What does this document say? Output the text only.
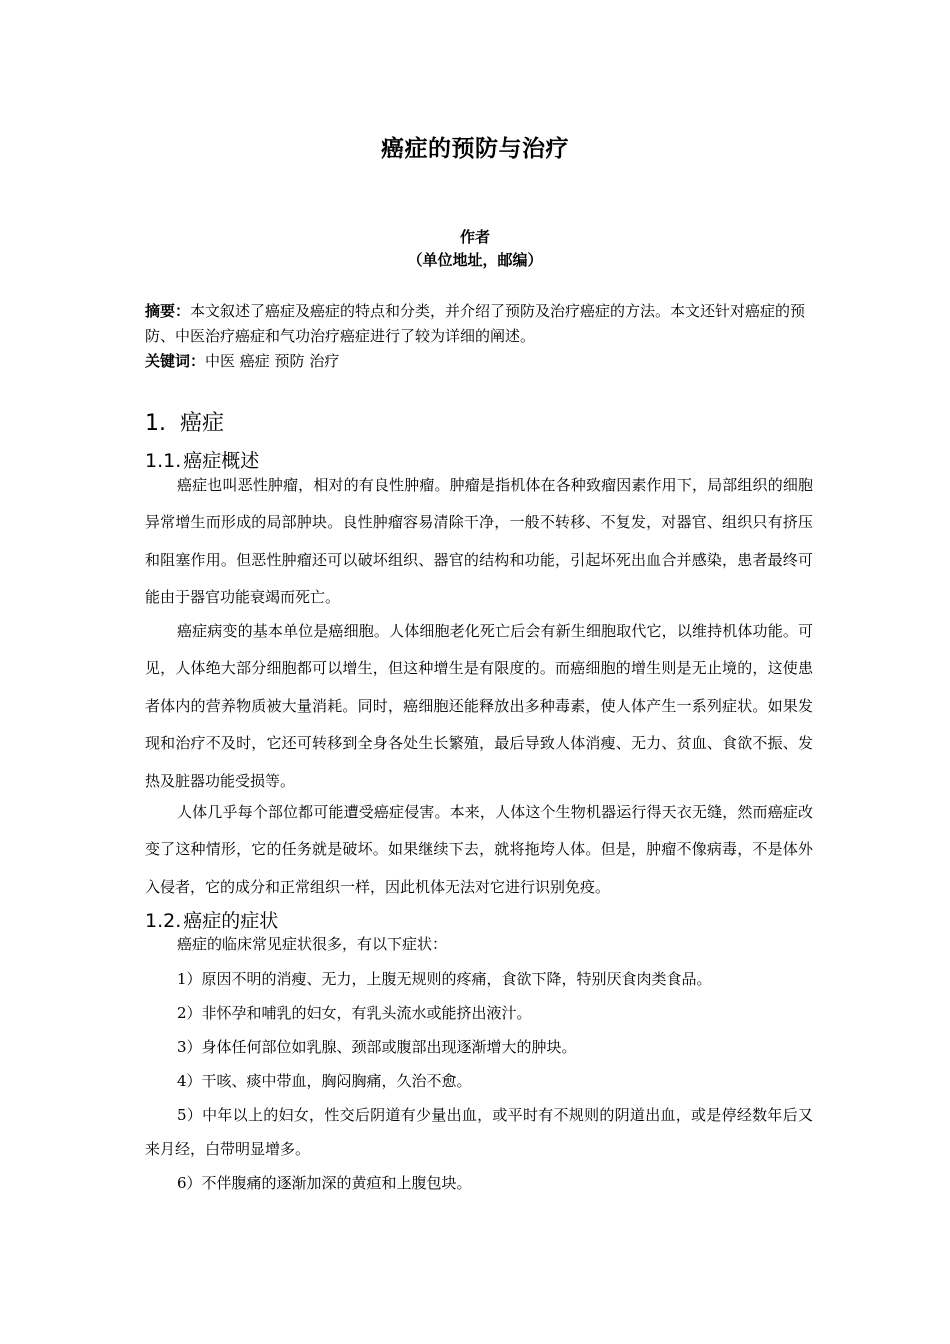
癌症的预防与治疗
作者
（单位地址，邮编）
摘要：本文叙述了癌症及癌症的特点和分类，并介绍了预防及治疗癌症的方法。本文还针对癌症的预防、中医治疗癌症和气功治疗癌症进行了较为详细的阐述。
关键词：中医 癌症 预防 治疗
1. 癌症
1.1. 癌症概述

癌症也叫恶性肿瘤，相对的有良性肿瘤。肿瘤是指机体在各种致瘤因素作用下，局部组织的细胞异常增生而形成的局部肿块。良性肿瘤容易清除干净，一般不转移、不复发，对器官、组织只有挤压和阻塞作用。但恶性肿瘤还可以破坏组织、器官的结构和功能，引起坏死出血合并感染，患者最终可能由于器官功能衰竭而死亡。

癌症病变的基本单位是癌细胞。人体细胞老化死亡后会有新生细胞取代它，以维持机体功能。可见，人体绝大部分细胞都可以增生，但这种增生是有限度的。而癌细胞的增生则是无止境的，这使患者体内的营养物质被大量消耗。同时，癌细胞还能释放出多种毒素，使人体产生一系列症状。如果发现和治疗不及时，它还可转移到全身各处生长繁殖，最后导致人体消瘦、无力、贫血、食欲不振、发热及脏器功能受损等。

人体几乎每个部位都可能遭受癌症侵害。本来，人体这个生物机器运行得天衣无缝，然而癌症改变了这种情形，它的任务就是破坏。如果继续下去，就将拖垮人体。但是，肿瘤不像病毒，不是体外入侵者，它的成分和正常组织一样，因此机体无法对它进行识别免疫。

1.2. 癌症的症状

癌症的临床常见症状很多，有以下症状：

1）原因不明的消瘦、无力，上腹无规则的疼痛，食欲下降，特别厌食肉类食品。

2）非怀孕和哺乳的妇女，有乳头流水或能挤出液汁。

3）身体任何部位如乳腺、颈部或腹部出现逐渐增大的肿块。

4）干咳、痰中带血，胸闷胸痛，久治不愈。

5）中年以上的妇女，性交后阴道有少量出血，或平时有不规则的阴道出血，或是停经数年后又来月经，白带明显增多。

6）不伴腹痛的逐渐加深的黄疸和上腹包块。
